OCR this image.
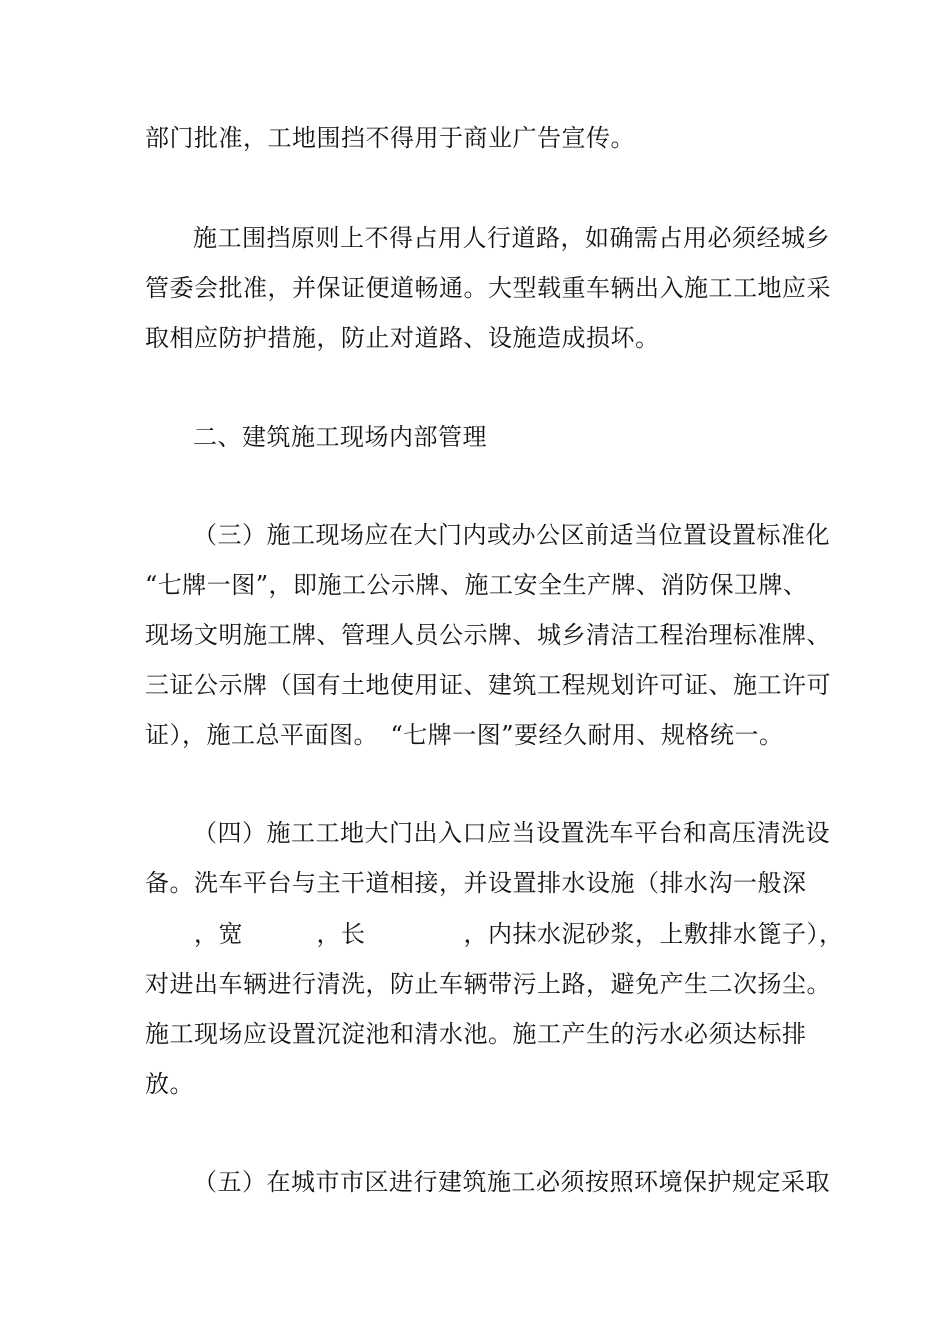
部门批准，工地围挡不得用于商业广告宣传。
施工围挡原则上不得占用人行道路，如确需占用必须经城乡
管委会批准，并保证便道畅通。大型载重车辆出入施工工地应采
取相应防护措施，防止对道路、设施造成损坏。
二、建筑施工现场内部管理
（三）施工现场应在大门内或办公区前适当位置设置标准化
“七牌一图”，即施工公示牌、施工安全生产牌、消防保卫牌、
现场文明施工牌、管理人员公示牌、城乡清洁工程治理标准牌、
三证公示牌（国有土地使用证、建筑工程规划许可证、施工许可
证），施工总平面图。　“七牌一图”要经久耐用、规格统一。
（四）施工工地大门出入口应当设置洗车平台和高压清洗设
备。洗车平台与主干道相接，并设置排水设施（排水沟一般深
　　，宽　　　，长　　　　，内抹水泥砂浆，上敷排水篦子），
对进出车辆进行清洗，防止车辆带污上路，避免产生二次扬尘。
施工现场应设置沉淀池和清水池。施工产生的污水必须达标排
放。
（五）在城市市区进行建筑施工必须按照环境保护规定采取
